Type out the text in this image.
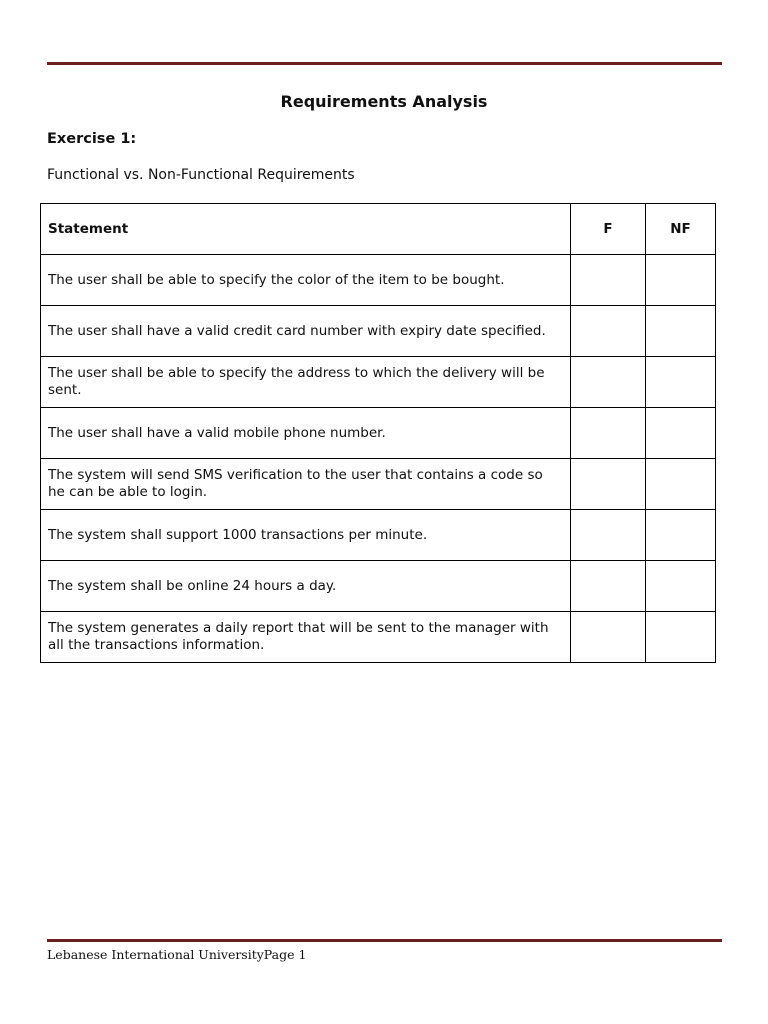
Requirements Analysis
Exercise 1:
Functional vs. Non-Functional Requirements
Statement	F	NF
The user shall be able to specify the color of the item to be bought.		
The user shall have a valid credit card number with expiry date specified.		
The user shall be able to specify the address to which the delivery will be sent.		
The user shall have a valid mobile phone number.		
The system will send SMS verification to the user that contains a code so he can be able to login.		
The system shall support 1000 transactions per minute.		
The system shall be online 24 hours a day.		
The system generates a daily report that will be sent to the manager with all the transactions information.		
Lebanese International UniversityPage 1
